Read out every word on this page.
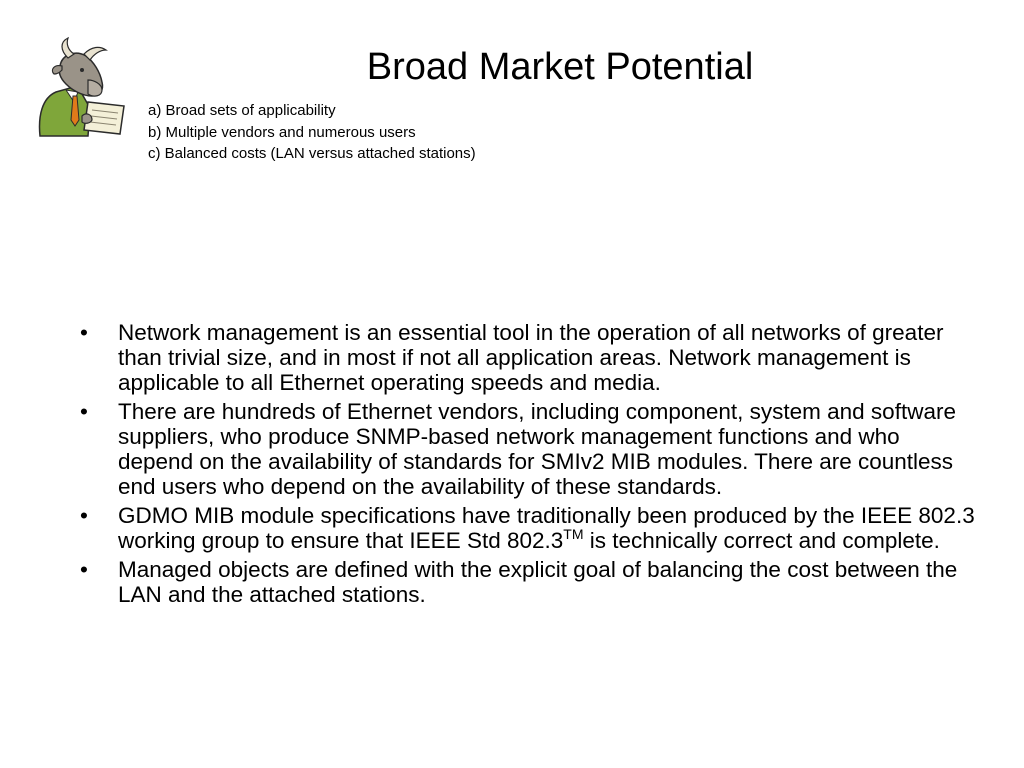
Broad Market Potential
a) Broad sets of applicability
b) Multiple vendors and numerous users
c) Balanced costs (LAN versus attached stations)
•	Network management is an essential tool in the operation of all networks of greater than trivial size, and in most if not all application areas. Network management is applicable to all Ethernet operating speeds and media.
•	There are hundreds of Ethernet vendors, including component, system and software suppliers, who produce SNMP-based network management functions and who depend on the availability of standards for SMIv2 MIB modules. There are countless end users who depend on the availability of these standards.
•	GDMO MIB module specifications have traditionally been produced by the IEEE 802.3 working group to ensure that IEEE Std 802.3™ is technically correct and complete.
•	Managed objects are defined with the explicit goal of balancing the cost between the LAN and the attached stations.
